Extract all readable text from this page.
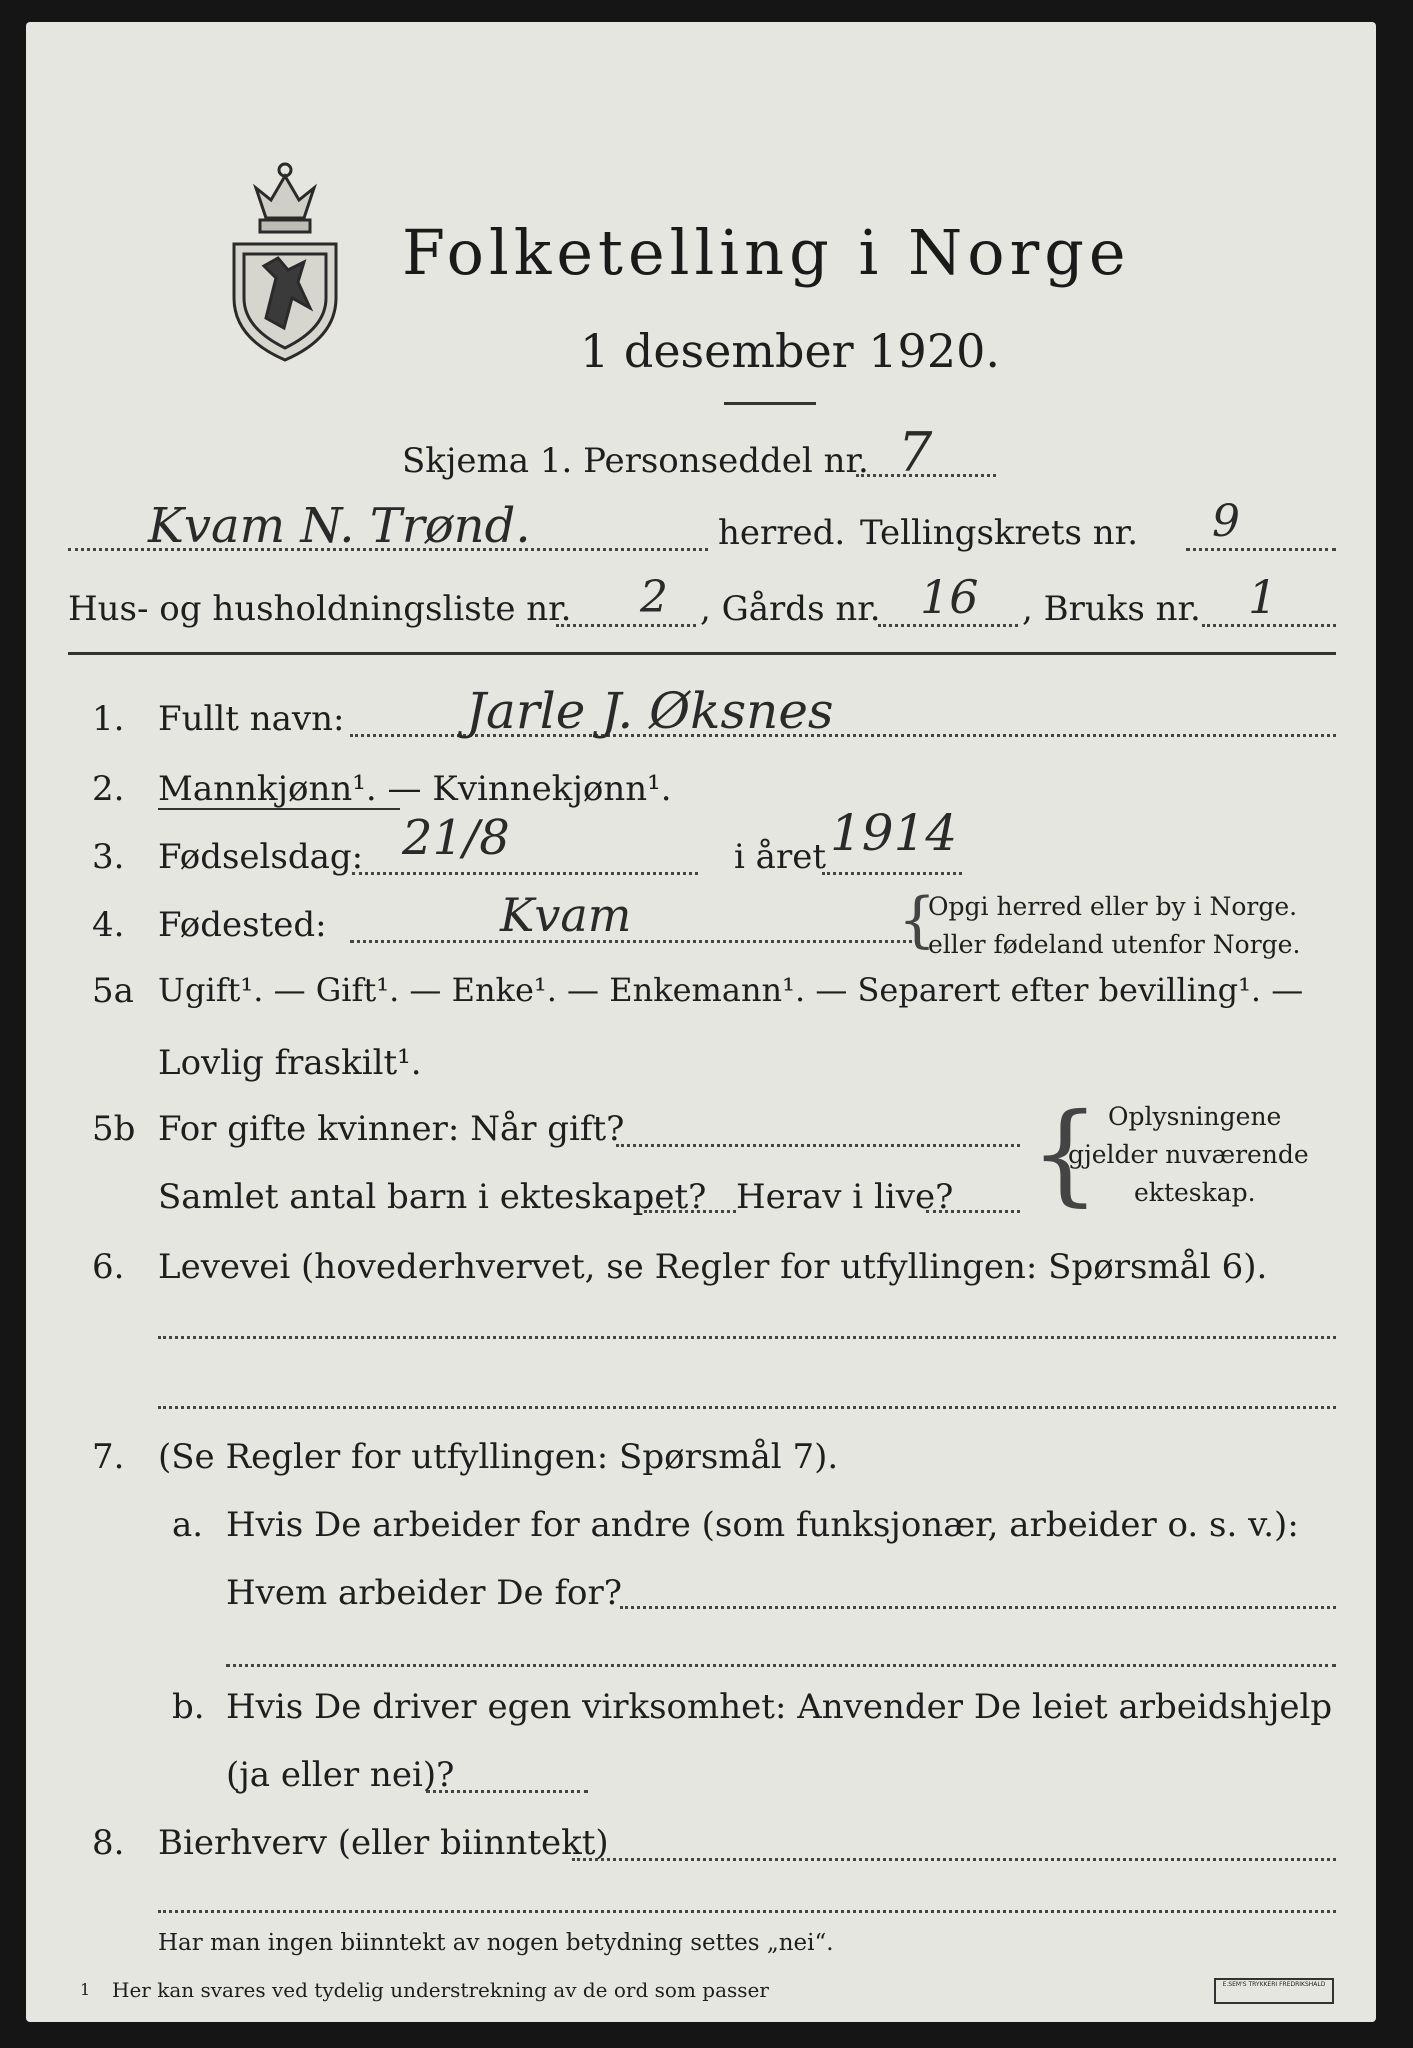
Folketelling i Norge
1 desember 1920.
Skjema 1. Personseddel nr. 7
Kvam N. Trønd.	herred. Tellingskrets nr. 9
Hus- og husholdningsliste nr. 2 , Gårds nr. 16 , Bruks nr. 1
1. Fullt navn: Jarle J. Øksnes
2. Mannkjønn¹. — Kvinnekjønn¹.
3. Fødselsdag: 21/8	i året 1914
4. Fødested:	Kvam	{
Opgi herred eller by i Norge.
eller fødeland utenfor Norge.
5a Ugift¹. — Gift¹. — Enke¹. — Enkemann¹. — Separert efter bevilling¹. —
Lovlig fraskilt¹.
5b For gifte kvinner: Når gift?
Samlet antal barn i ekteskapet? Herav i live? { Oplysningene
gjelder nuværende
ekteskap.
6. Levevei (hovederhvervet, se Regler for utfyllingen: Spørsmål 6).
7. (Se Regler for utfyllingen: Spørsmål 7).
a. Hvis De arbeider for andre (som funksjonær, arbeider o. s. v.):
Hvem arbeider De for?
b. Hvis De driver egen virksomhet: Anvender De leiet arbeidshjelp
(ja eller nei)?
8. Bierhverv (eller biinntekt)
Har man ingen biinntekt av nogen betydning settes „nei“.
1 Her kan svares ved tydelig understrekning av de ord som passer	E.SEM'S TRYKKERI FREDRIKSHALD
